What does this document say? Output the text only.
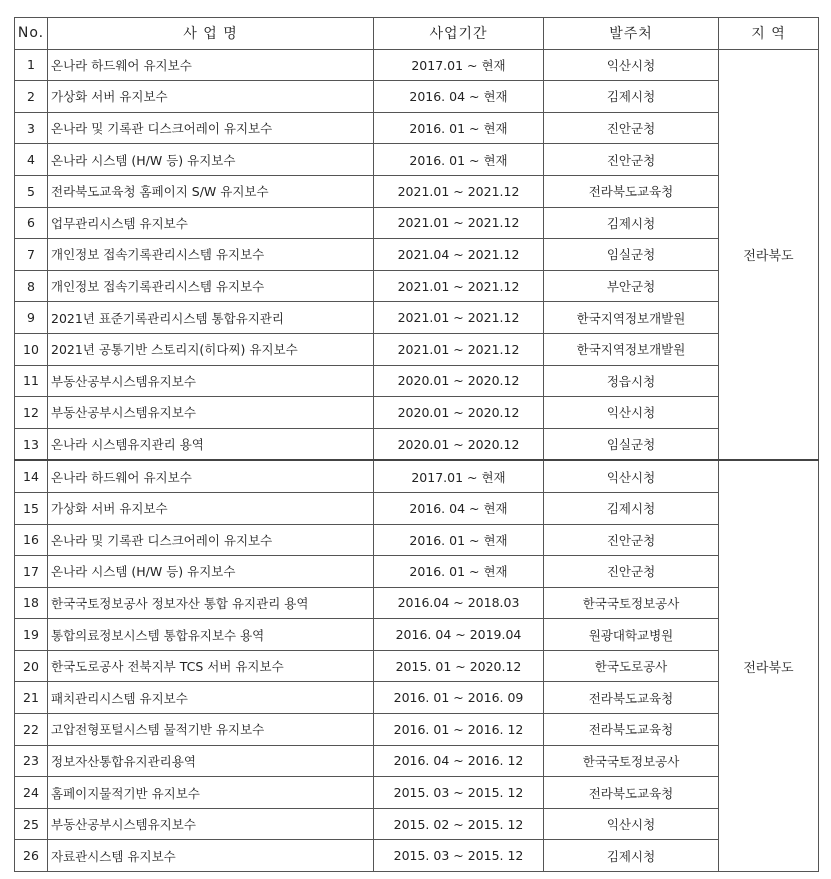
No.	사 업 명	사업기간	발주처	지 역
1	온나라 하드웨어 유지보수	2017.01 ~ 현재	익산시청	전라북도
2	가상화 서버 유지보수	2016. 04 ~ 현재	김제시청	
3	온나라 및 기록관 디스크어레이 유지보수	2016. 01 ~ 현재	진안군청	
4	온나라 시스템 (H/W 등) 유지보수	2016. 01 ~ 현재	진안군청	
5	전라북도교육청 홈페이지 S/W 유지보수	2021.01 ~ 2021.12	전라북도교육청	
6	업무관리시스템 유지보수	2021.01 ~ 2021.12	김제시청	
7	개인정보 접속기록관리시스템 유지보수	2021.04 ~ 2021.12	임실군청	
8	개인정보 접속기록관리시스템 유지보수	2021.01 ~ 2021.12	부안군청	
9	2021년 표준기록관리시스템 통합유지관리	2021.01 ~ 2021.12	한국지역정보개발원	
10	2021년 공통기반 스토리지(히다찌) 유지보수	2021.01 ~ 2021.12	한국지역정보개발원	
11	부동산공부시스템유지보수	2020.01 ~ 2020.12	정읍시청	
12	부동산공부시스템유지보수	2020.01 ~ 2020.12	익산시청	
13	온나라 시스템유지관리 용역	2020.01 ~ 2020.12	임실군청	
14	온나라 하드웨어 유지보수	2017.01 ~ 현재	익산시청	전라북도
15	가상화 서버 유지보수	2016. 04 ~ 현재	김제시청	
16	온나라 및 기록관 디스크어레이 유지보수	2016. 01 ~ 현재	진안군청	
17	온나라 시스템 (H/W 등) 유지보수	2016. 01 ~ 현재	진안군청	
18	한국국토정보공사 정보자산 통합 유지관리 용역	2016.04 ~ 2018.03	한국국토정보공사	
19	통합의료정보시스템 통합유지보수 용역	2016. 04 ~ 2019.04	원광대학교병원	
20	한국도로공사 전북지부 TCS 서버 유지보수	2015. 01 ~ 2020.12	한국도로공사	
21	패치관리시스템 유지보수	2016. 01 ~ 2016. 09	전라북도교육청	
22	고압전형포털시스템 물적기반 유지보수	2016. 01 ~ 2016. 12	전라북도교육청	
23	정보자산통합유지관리용역	2016. 04 ~ 2016. 12	한국국토정보공사	
24	홈페이지물적기반 유지보수	2015. 03 ~ 2015. 12	전라북도교육청	
25	부동산공부시스템유지보수	2015. 02 ~ 2015. 12	익산시청	
26	자료관시스템 유지보수	2015. 03 ~ 2015. 12	김제시청	
